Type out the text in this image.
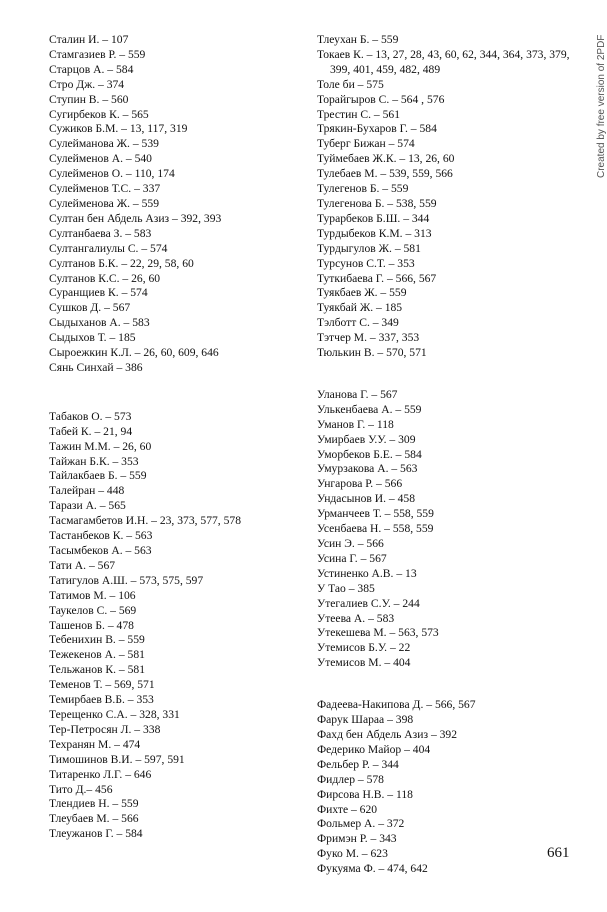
Сталин И. – 107
Стамгазиев Р. – 559
Старцов А. – 584
Стро Дж. – 374
Ступин В. – 560
Сугирбеков К. – 565
Сужиков Б.М. – 13, 117, 319
Сулейманова Ж. – 539
Сулейменов А. – 540
Сулейменов О. – 110, 174
Сулейменов Т.С. – 337
Сулейменова Ж. – 559
Султан бен Абдель Азиз – 392, 393
Султанбаева З. – 583
Султангалиулы С. – 574
Султанов Б.К. – 22, 29, 58, 60
Султанов К.С. – 26, 60
Суранщиев К. – 574
Сушков Д. – 567
Сыдыханов А. – 583
Сыдыхов Т. – 185
Сыроежкин К.Л. – 26, 60, 609, 646
Сянь Синхай – 386
Табаков О. – 573
Табей К. – 21, 94
Тажин М.М. – 26, 60
Тайжан Б.К. – 353
Тайлакбаев Б. – 559
Талейран – 448
Тарази А. – 565
Тасмагамбетов И.Н. – 23, 373, 577, 578
Тастанбеков К. – 563
Тасымбеков А. – 563
Тати А. – 567
Татигулов А.Ш. – 573, 575, 597
Татимов М. – 106
Таукелов С. – 569
Ташенов Б. – 478
Тебенихин В. – 559
Тежекенов А. – 581
Тельжанов К. – 581
Теменов Т. – 569, 571
Темирбаев В.Б. – 353
Терещенко С.А. – 328, 331
Тер-Петросян Л. – 338
Техранян М. – 474
Тимошинов В.И. – 597, 591
Титаренко Л.Г. – 646
Тито Д.– 456
Тлендиев Н. – 559
Тлеубаев М. – 566
Тлеужанов Г. – 584
Тлеухан Б. – 559
Токаев К. – 13, 27, 28, 43, 60, 62, 344, 364, 373, 379, 399, 401, 459, 482, 489
Толе би – 575
Торайгыров С. – 564 , 576
Трестин С. – 561
Трякин-Бухаров Г. – 584
Туберг Бижан – 574
Туймебаев Ж.К. – 13, 26, 60
Тулебаев М. – 539, 559, 566
Тулегенов Б. – 559
Тулегенова Б. – 538, 559
Турарбеков Б.Ш. – 344
Турдыбеков К.М. – 313
Турдыгулов Ж. – 581
Турсунов С.Т. – 353
Туткибаева Г. – 566, 567
Туякбаев Ж. – 559
Туякбай Ж. – 185
Тэлботт С. – 349
Тэтчер М. – 337, 353
Тюлькин В. – 570, 571
Уланова Г. – 567
Улькенбаева А. – 559
Уманов Г. – 118
Умирбаев У.У. – 309
Уморбеков Б.Е. – 584
Умурзакова А. – 563
Унгарова Р. – 566
Ундасынов И. – 458
Урманчеев Т. – 558, 559
Усенбаева Н. – 558, 559
Усин Э. – 566
Усина Г. – 567
Устиненко А.В. – 13
У Тао – 385
Утегалиев С.У. – 244
Утеева А. – 583
Утекешева М. – 563, 573
Утемисов Б.У. – 22
Утемисов М. – 404
Фадеева-Накипова Д. – 566, 567
Фарук Шараа – 398
Фахд бен Абдель Азиз – 392
Федерико Майор – 404
Фельбер Р. – 344
Фидлер – 578
Фирсова Н.В. – 118
Фихте – 620
Фольмер А. – 372
Фримэн Р. – 343
Фуко М. – 623
Фукуяма Ф. – 474, 642
661
Created by free version of 2PDF
